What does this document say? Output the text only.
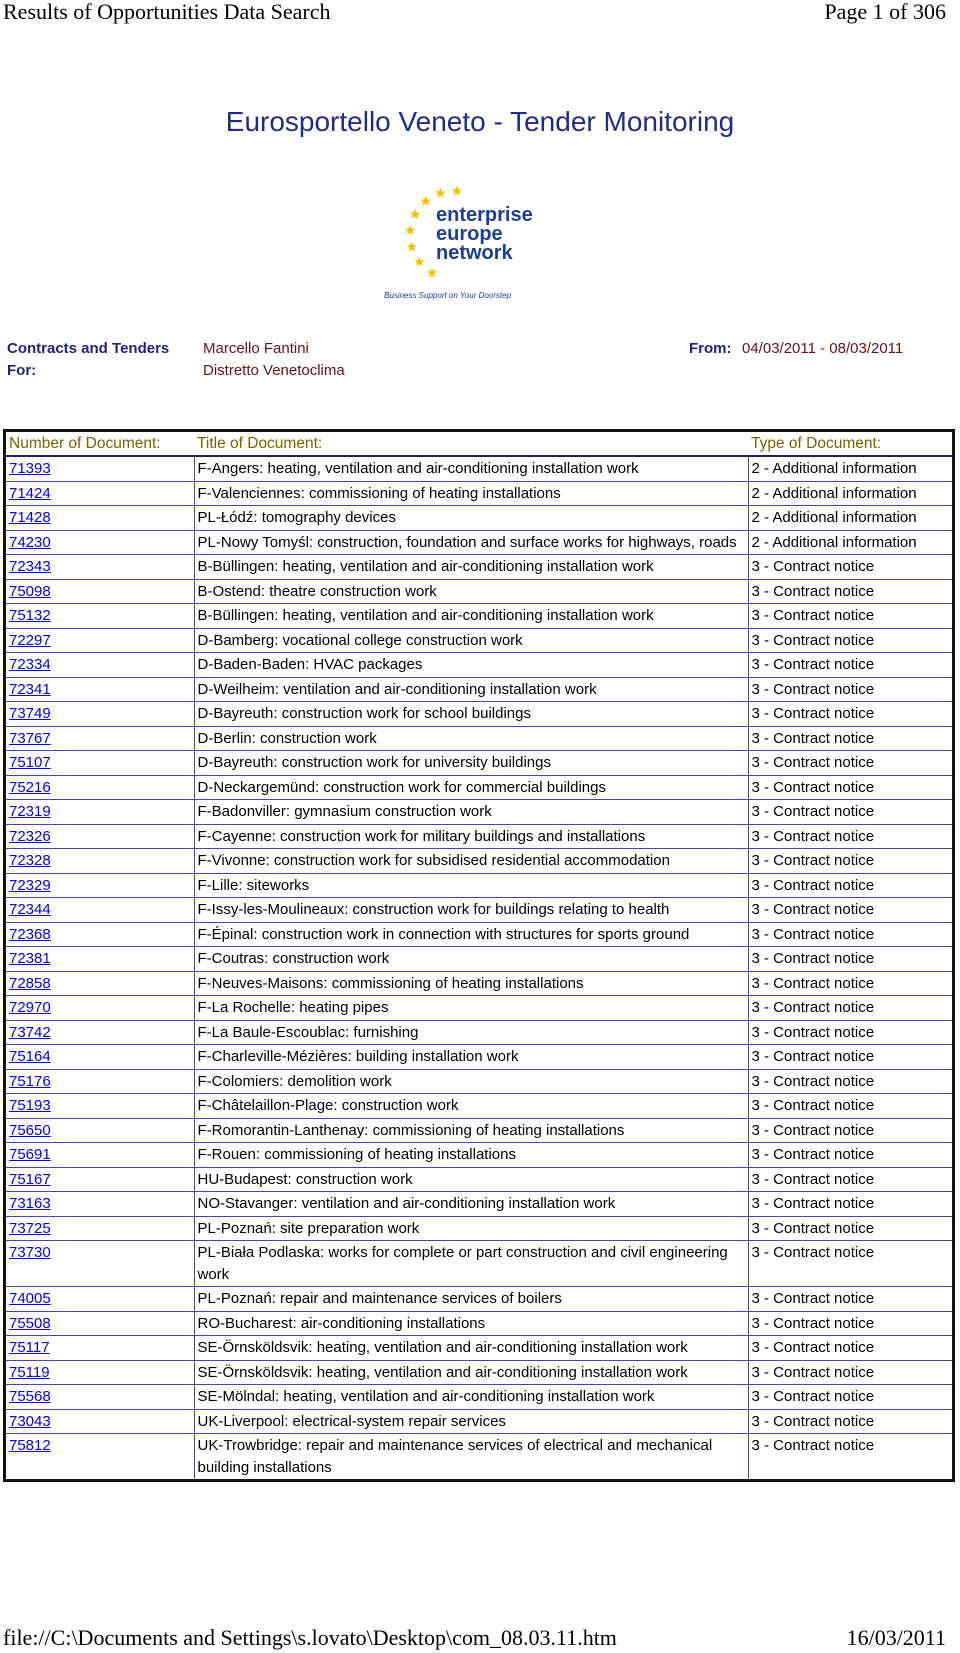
Results of Opportunities Data Search	Page 1 of 306
Eurosportello Veneto - Tender Monitoring
enterprise
europe
network
Business Support on Your Doorstep
Contracts and Tenders
For:
Marcello Fantini
Distretto Venetoclima
From: 04/03/2011 - 08/03/2011
Number of Document:	Title of Document:	Type of Document:
71393	F-Angers: heating, ventilation and air-conditioning installation work	2 - Additional information
71424	F-Valenciennes: commissioning of heating installations	2 - Additional information
71428	PL-Łódź: tomography devices	2 - Additional information
74230	PL-Nowy Tomyśl: construction, foundation and surface works for highways, roads	2 - Additional information
72343	B-Büllingen: heating, ventilation and air-conditioning installation work	3 - Contract notice
75098	B-Ostend: theatre construction work	3 - Contract notice
75132	B-Büllingen: heating, ventilation and air-conditioning installation work	3 - Contract notice
72297	D-Bamberg: vocational college construction work	3 - Contract notice
72334	D-Baden-Baden: HVAC packages	3 - Contract notice
72341	D-Weilheim: ventilation and air-conditioning installation work	3 - Contract notice
73749	D-Bayreuth: construction work for school buildings	3 - Contract notice
73767	D-Berlin: construction work	3 - Contract notice
75107	D-Bayreuth: construction work for university buildings	3 - Contract notice
75216	D-Neckargemünd: construction work for commercial buildings	3 - Contract notice
72319	F-Badonviller: gymnasium construction work	3 - Contract notice
72326	F-Cayenne: construction work for military buildings and installations	3 - Contract notice
72328	F-Vivonne: construction work for subsidised residential accommodation	3 - Contract notice
72329	F-Lille: siteworks	3 - Contract notice
72344	F-Issy-les-Moulineaux: construction work for buildings relating to health	3 - Contract notice
72368	F-Épinal: construction work in connection with structures for sports ground	3 - Contract notice
72381	F-Coutras: construction work	3 - Contract notice
72858	F-Neuves-Maisons: commissioning of heating installations	3 - Contract notice
72970	F-La Rochelle: heating pipes	3 - Contract notice
73742	F-La Baule-Escoublac: furnishing	3 - Contract notice
75164	F-Charleville-Mézières: building installation work	3 - Contract notice
75176	F-Colomiers: demolition work	3 - Contract notice
75193	F-Châtelaillon-Plage: construction work	3 - Contract notice
75650	F-Romorantin-Lanthenay: commissioning of heating installations	3 - Contract notice
75691	F-Rouen: commissioning of heating installations	3 - Contract notice
75167	HU-Budapest: construction work	3 - Contract notice
73163	NO-Stavanger: ventilation and air-conditioning installation work	3 - Contract notice
73725	PL-Poznań: site preparation work	3 - Contract notice
73730	PL-Biała Podlaska: works for complete or part construction and civil engineering work	3 - Contract notice
74005	PL-Poznań: repair and maintenance services of boilers	3 - Contract notice
75508	RO-Bucharest: air-conditioning installations	3 - Contract notice
75117	SE-Örnsköldsvik: heating, ventilation and air-conditioning installation work	3 - Contract notice
75119	SE-Örnsköldsvik: heating, ventilation and air-conditioning installation work	3 - Contract notice
75568	SE-Mölndal: heating, ventilation and air-conditioning installation work	3 - Contract notice
73043	UK-Liverpool: electrical-system repair services	3 - Contract notice
75812	UK-Trowbridge: repair and maintenance services of electrical and mechanical building installations	3 - Contract notice
file://C:\Documents and Settings\s.lovato\Desktop\com_08.03.11.htm	16/03/2011
